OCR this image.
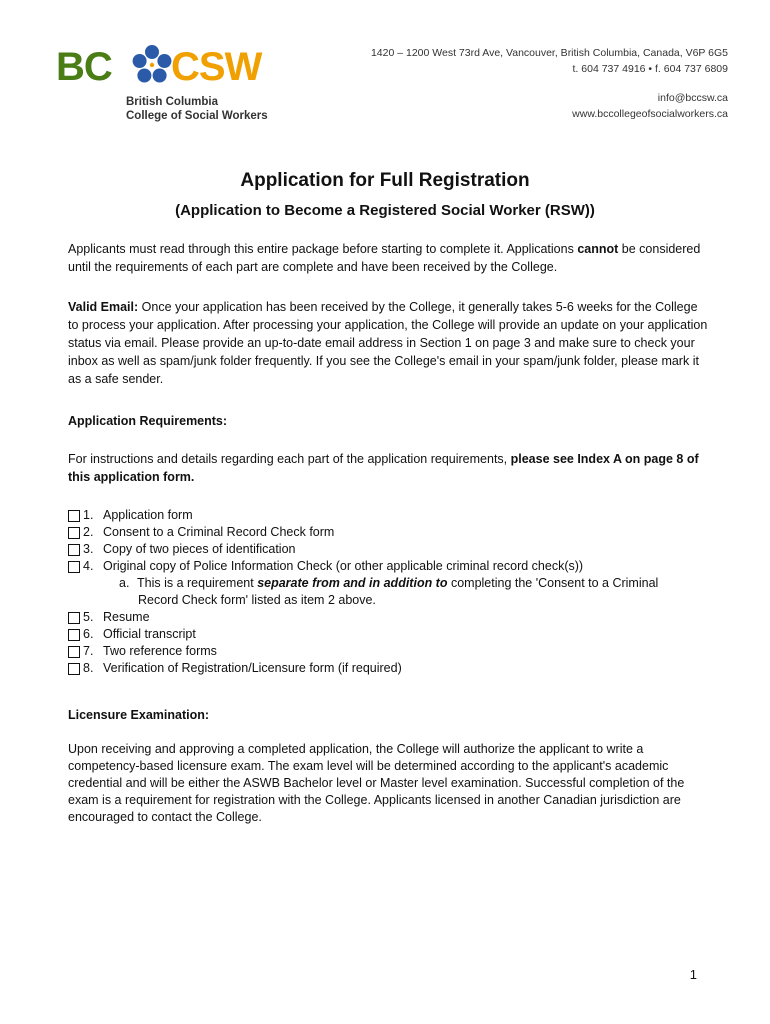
BC CSW
British Columbia
College of Social Workers
1420 – 1200 West 73rd Ave, Vancouver, British Columbia, Canada, V6P 6G5
t. 604 737 4916 • f. 604 737 6809
info@bccsw.ca
www.bccollegeofsocialworkers.ca
Application for Full Registration
(Application to Become a Registered Social Worker (RSW))
Applicants must read through this entire package before starting to complete it. Applications cannot be considered until the requirements of each part are complete and have been received by the College.
Valid Email: Once your application has been received by the College, it generally takes 5-6 weeks for the College to process your application. After processing your application, the College will provide an update on your application status via email. Please provide an up-to-date email address in Section 1 on page 3 and make sure to check your inbox as well as spam/junk folder frequently. If you see the College's email in your spam/junk folder, please mark it as a safe sender.
Application Requirements:
For instructions and details regarding each part of the application requirements, please see Index A on page 8 of this application form.
1. Application form
2. Consent to a Criminal Record Check form
3. Copy of two pieces of identification
4. Original copy of Police Information Check (or other applicable criminal record check(s))
a. This is a requirement separate from and in addition to completing the 'Consent to a Criminal
Record Check form' listed as item 2 above.
5. Resume
6. Official transcript
7. Two reference forms
8. Verification of Registration/Licensure form (if required)
Licensure Examination:
Upon receiving and approving a completed application, the College will authorize the applicant to write a competency-based licensure exam. The exam level will be determined according to the applicant's academic credential and will be either the ASWB Bachelor level or Master level examination. Successful completion of the exam is a requirement for registration with the College. Applicants licensed in another Canadian jurisdiction are encouraged to contact the College.
1
